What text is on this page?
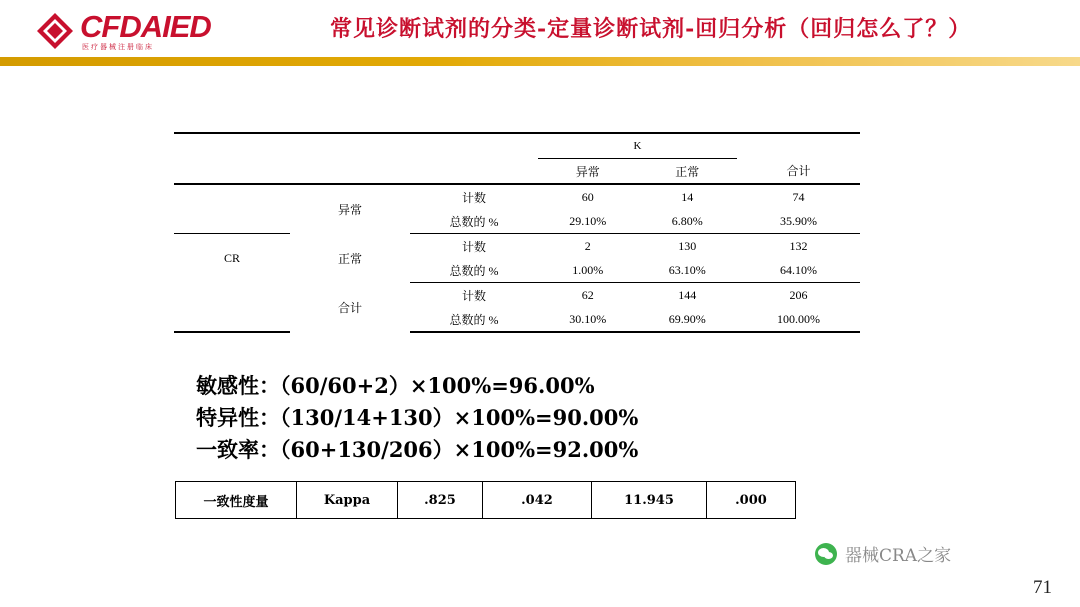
CFDAIED
医疗器械注册临床
常见诊断试剂的分类-定量诊断试剂-回归分析（回归怎么了？）
			K		
			异常	正常	合计
	异常	计数	60	14	74
		总数的 %	29.10%	6.80%	35.90%
CR	正常	计数	2	130	132
		总数的 %	1.00%	63.10%	64.10%
	合计	计数	62	144	206
		总数的 %	30.10%	69.90%	100.00%
敏感性：（60/60+2）×100%=96.00%
特异性：（130/14+130）×100%=90.00%
一致率：（60+130/206）×100%=92.00%
一致性度量	Kappa	.825	.042	11.945	.000
器械CRA之家
71
